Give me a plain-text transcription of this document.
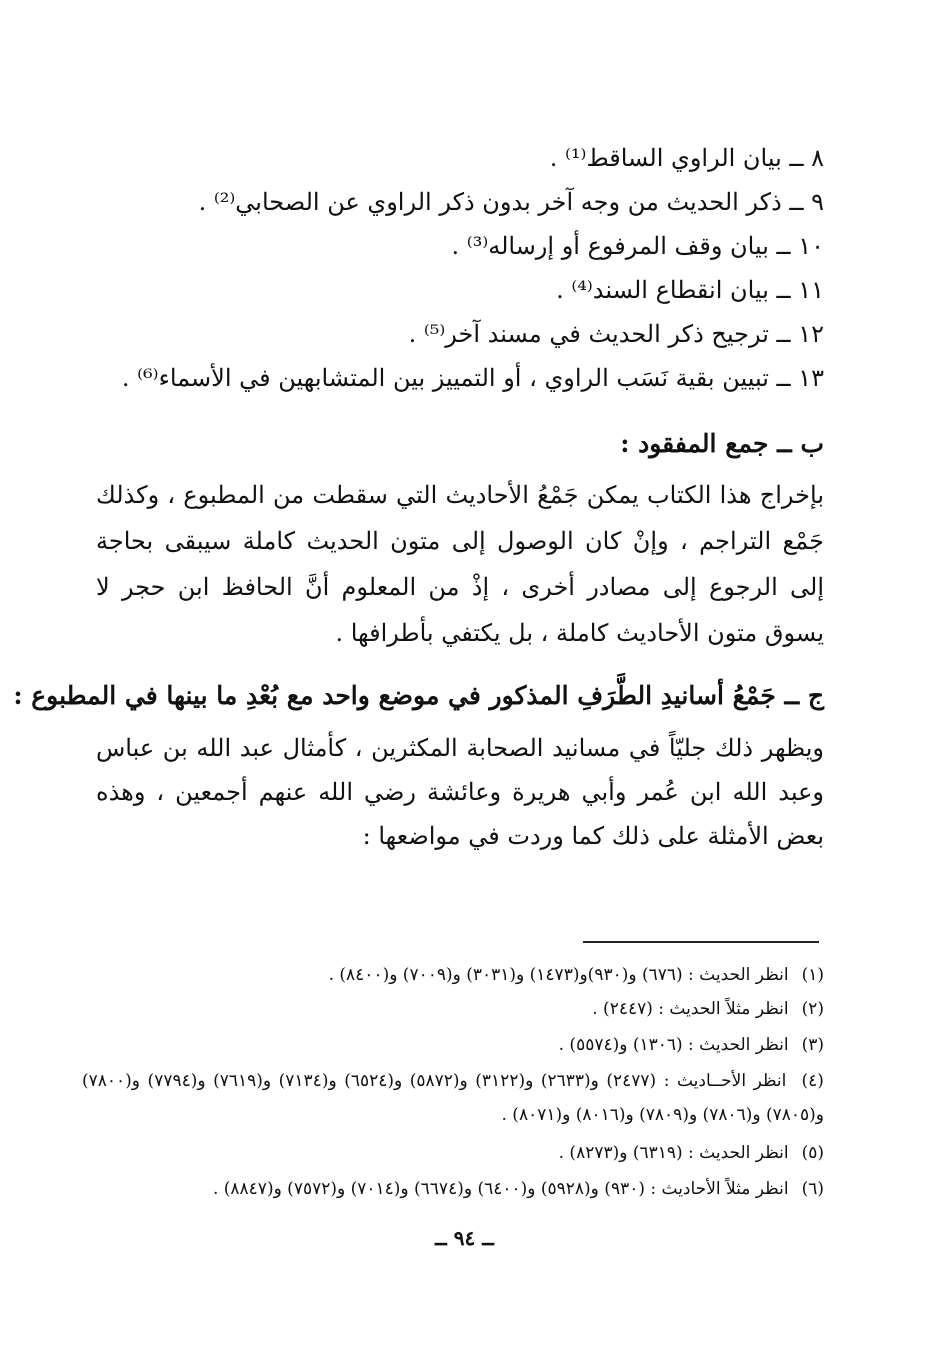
٨ ــ بيان الراوي الساقط⁽¹⁾ .
٩ ــ ذكر الحديث من وجه آخر بدون ذكر الراوي عن الصحابي⁽²⁾ .
١٠ ــ بيان وقف المرفوع أو إرساله⁽³⁾ .
١١ ــ بيان انقطاع السند⁽⁴⁾ .
١٢ ــ ترجيح ذكر الحديث في مسند آخر⁽⁵⁾ .
١٣ ــ تبيين بقية نَسَب الراوي ، أو التمييز بين المتشابهين في الأسماء⁽⁶⁾ .
ب ــ جمع المفقود :
بإخراج هذا الكتاب يمكن جَمْعُ الأحاديث التي سقطت من المطبوع ، وكذلك جَمْع التراجم ، وإنْ كان الوصول إلى متون الحديث كاملة سيبقى بحاجة إلى الرجوع إلى مصادر أخرى ، إذْ من المعلوم أنَّ الحافظ ابن حجر لا يسوق متون الأحاديث كاملة ، بل يكتفي بأطرافها .
ج ــ جَمْعُ أسانيدِ الطَّرَفِ المذكور في موضع واحد مع بُعْدِ ما بينها في المطبوع :
ويظهر ذلك جليّاً في مسانيد الصحابة المكثرين ، كأمثال عبد الله بن عباس وعبد الله ابن عُمر وأبي هريرة وعائشة رضي الله عنهم أجمعين ، وهذه بعض الأمثلة على ذلك كما وردت في مواضعها :
(١) انظر الحديث : (٦٧٦) و(٩٣٠)و(١٤٧٣) و(٣٠٣١) و(٧٠٠٩) و(٨٤٠٠) .
(٢) انظر مثلاً الحديث : (٢٤٤٧) .
(٣) انظر الحديث : (١٣٠٦) و(٥٥٧٤) .
(٤) انظر الأحــاديث : (٢٤٧٧) و(٢٦٣٣) و(٣١٢٢) و(٥٨٧٢) و(٦٥٢٤) و(٧١٣٤) و(٧٦١٩) و(٧٧٩٤) و(٧٨٠٠) و(٧٨٠٥) و(٧٨٠٦) و(٧٨٠٩) و(٨٠١٦) و(٨٠٧١) .
(٥) انظر الحديث : (٦٣١٩) و(٨٢٧٣) .
(٦) انظر مثلاً الأحاديث : (٩٣٠) و(٥٩٢٨) و(٦٤٠٠) و(٦٦٧٤) و(٧٠١٤) و(٧٥٧٢) و(٨٨٤٧) .
ــ ٩٤ ــ
